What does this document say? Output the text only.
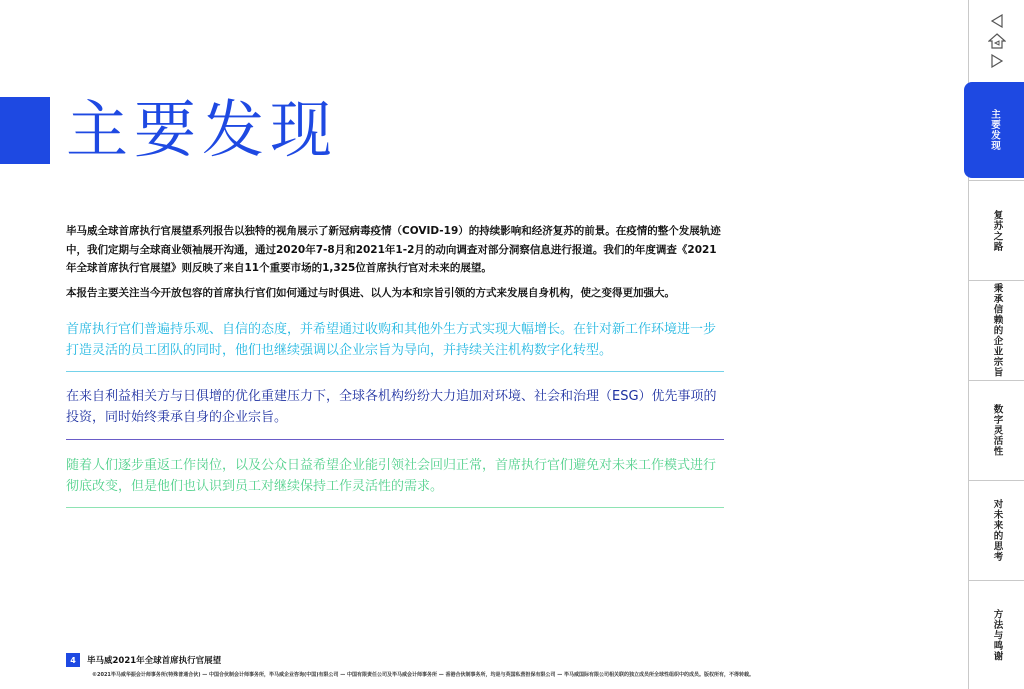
主要发现

毕马威全球首席执行官展望系列报告以独特的视角展示了新冠病毒疫情（COVID-19）的持续影响和经济复苏的前景。在疫情的整个发展轨迹中，我们定期与全球商业领袖展开沟通，通过2020年7-8月和2021年1-2月的动向调查对部分洞察信息进行报道。我们的年度调查《2021年全球首席执行官展望》则反映了来自11个重要市场的1,325位首席执行官对未来的展望。

本报告主要关注当今开放包容的首席执行官们如何通过与时俱进、以人为本和宗旨引领的方式来发展自身机构，使之变得更加强大。

首席执行官们普遍持乐观、自信的态度，并希望通过收购和其他外生方式实现大幅增长。在针对新工作环境进一步打造灵活的员工团队的同时，他们也继续强调以企业宗旨为导向，并持续关注机构数字化转型。

在来自利益相关方与日俱增的优化重建压力下，全球各机构纷纷大力追加对环境、社会和治理（ESG）优先事项的投资，同时始终秉承自身的企业宗旨。

随着人们逐步重返工作岗位，以及公众日益希望企业能引领社会回归正常，首席执行官们避免对未来工作模式进行彻底改变，但是他们也认识到员工对继续保持工作灵活性的需求。

4	毕马威2021年全球首席执行官展望
©2021毕马威华振会计师事务所(特殊普通合伙) — 中国合伙制会计师事务所，毕马威企业咨询(中国)有限公司 — 中国有限责任公司及毕马威会计师事务所 — 香港合伙制事务所，均是与英国私营担保有限公司 — 毕马威国际有限公司相关联的独立成员所全球性组织中的成员。版权所有，不得转载。
主要发现
复苏之路
秉承信赖的企业宗旨
数字灵活性
对未来的思考
方法与鸣谢
